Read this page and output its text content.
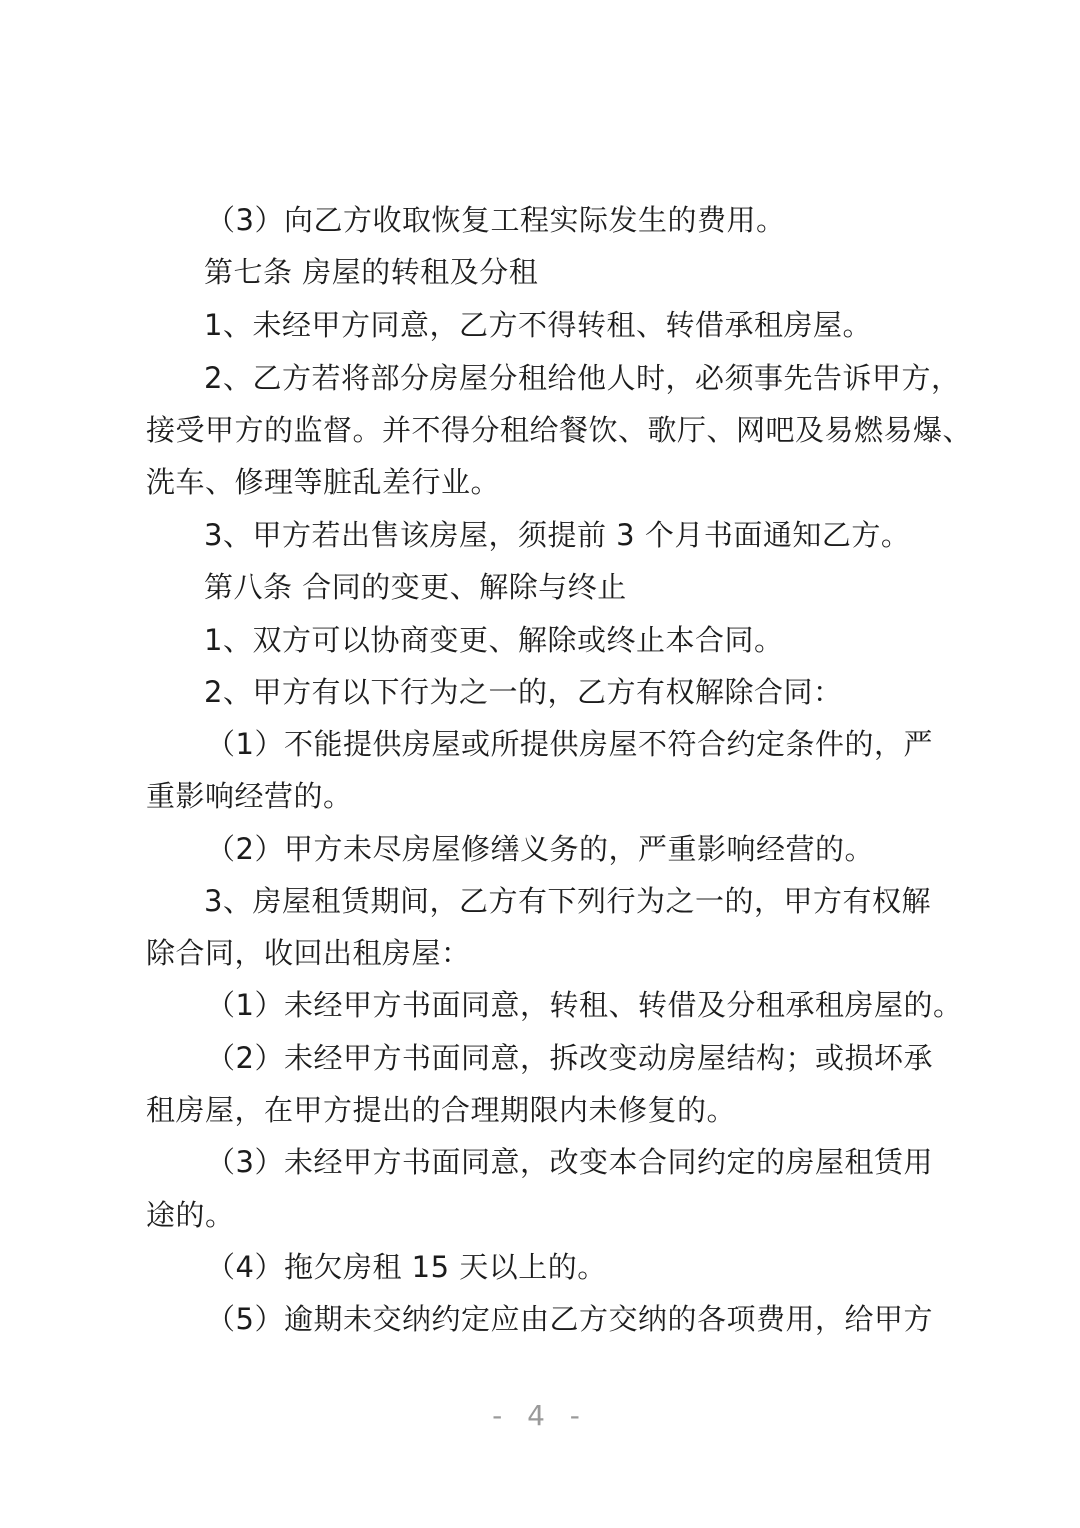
（3）向乙方收取恢复工程实际发生的费用。
第七条 房屋的转租及分租
1、未经甲方同意，乙方不得转租、转借承租房屋。
2、乙方若将部分房屋分租给他人时，必须事先告诉甲方，
接受甲方的监督。并不得分租给餐饮、歌厅、网吧及易燃易爆、
洗车、修理等脏乱差行业。
3、甲方若出售该房屋，须提前 3 个月书面通知乙方。
第八条 合同的变更、解除与终止
1、双方可以协商变更、解除或终止本合同。
2、甲方有以下行为之一的，乙方有权解除合同：
（1）不能提供房屋或所提供房屋不符合约定条件的，严
重影响经营的。
（2）甲方未尽房屋修缮义务的，严重影响经营的。
3、房屋租赁期间，乙方有下列行为之一的，甲方有权解
除合同，收回出租房屋：
（1）未经甲方书面同意，转租、转借及分租承租房屋的。
（2）未经甲方书面同意，拆改变动房屋结构；或损坏承
租房屋，在甲方提出的合理期限内未修复的。
（3）未经甲方书面同意，改变本合同约定的房屋租赁用
途的。
（4）拖欠房租 15 天以上的。
（5）逾期未交纳约定应由乙方交纳的各项费用，给甲方
- 4 -
